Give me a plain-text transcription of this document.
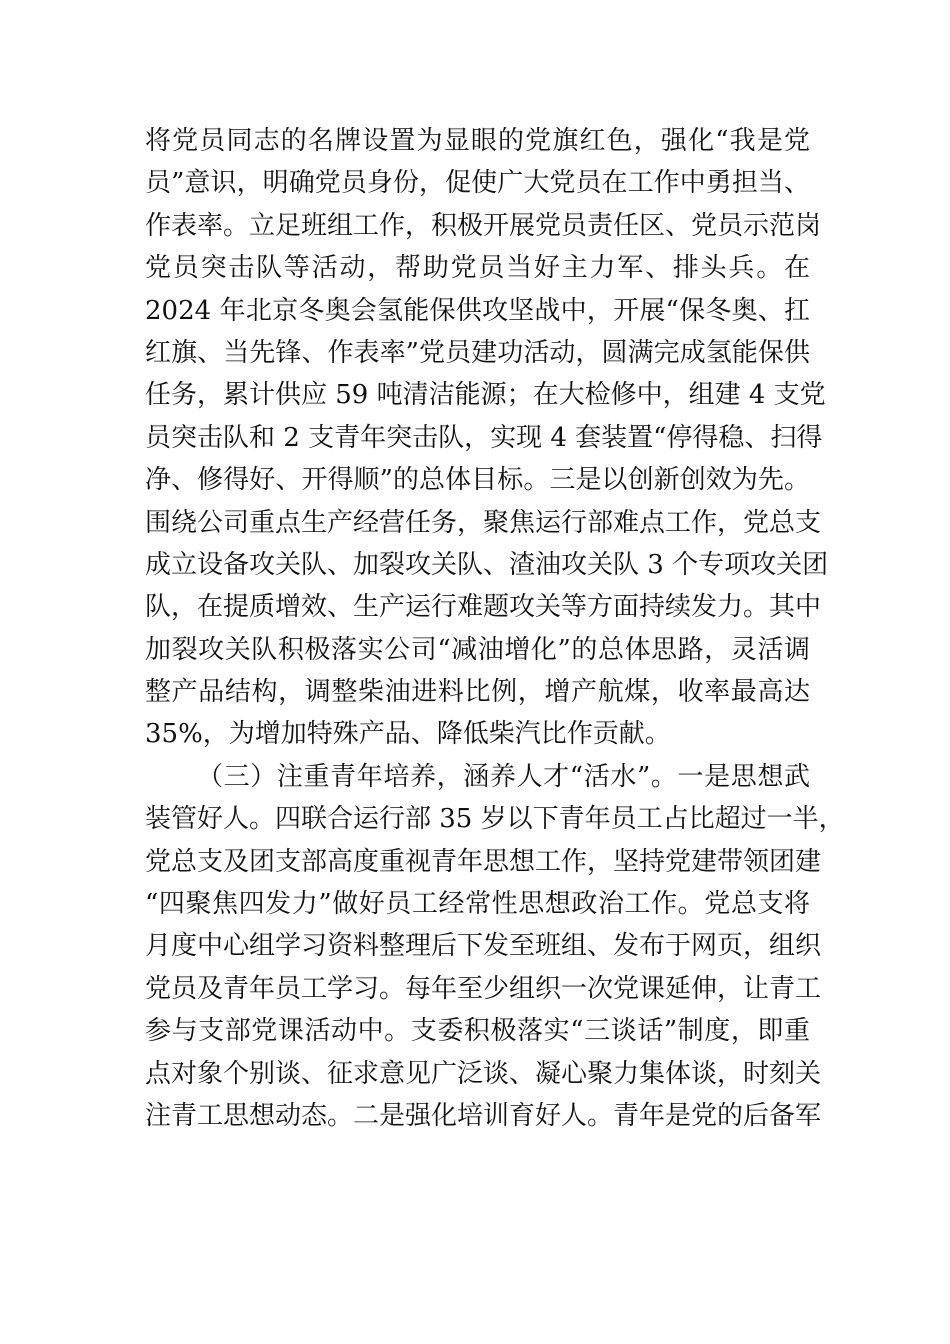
将党员同志的名牌设置为显眼的党旗红色，强化“我是党
员”意识，明确党员身份，促使广大党员在工作中勇担当、
作表率。立足班组工作，积极开展党员责任区、党员示范岗
党员突击队等活动，帮助党员当好主力军、排头兵。在
2024 年北京冬奥会氢能保供攻坚战中，开展“保冬奥、扛
红旗、当先锋、作表率”党员建功活动，圆满完成氢能保供
任务，累计供应 59 吨清洁能源；在大检修中，组建 4 支党
员突击队和 2 支青年突击队，实现 4 套装置“停得稳、扫得
净、修得好、开得顺”的总体目标。三是以创新创效为先。
围绕公司重点生产经营任务，聚焦运行部难点工作，党总支
成立设备攻关队、加裂攻关队、渣油攻关队 3 个专项攻关团
队，在提质增效、生产运行难题攻关等方面持续发力。其中
加裂攻关队积极落实公司“减油增化”的总体思路，灵活调
整产品结构，调整柴油进料比例，增产航煤，收率最高达
35%，为增加特殊产品、降低柴汽比作贡献。
（三）注重青年培养，涵养人才“活水”。一是思想武
装管好人。四联合运行部 35 岁以下青年员工占比超过一半，
党总支及团支部高度重视青年思想工作，坚持党建带领团建
“四聚焦四发力”做好员工经常性思想政治工作。党总支将
月度中心组学习资料整理后下发至班组、发布于网页，组织
党员及青年员工学习。每年至少组织一次党课延伸，让青工
参与支部党课活动中。支委积极落实“三谈话”制度，即重
点对象个别谈、征求意见广泛谈、凝心聚力集体谈，时刻关
注青工思想动态。二是强化培训育好人。青年是党的后备军
